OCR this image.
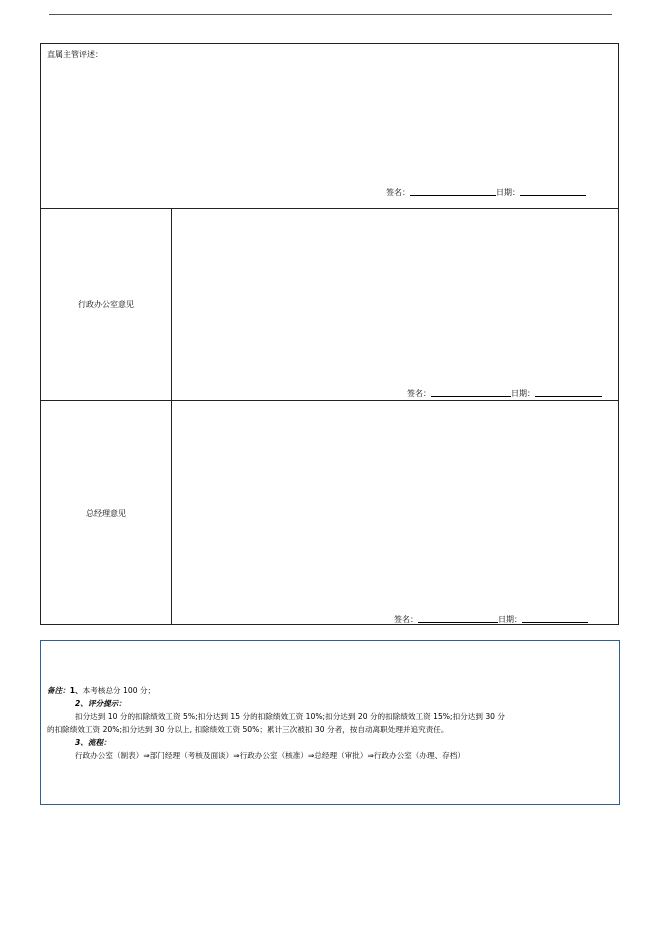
直属主管评述：
签名：	日期：
行政办公室意见
签名：	日期：
总经理意见
签名：	日期：
备注：1、本考核总分 100 分；
2、评分提示：
扣分达到 10 分的扣除绩效工资 5%;扣分达到 15 分的扣除绩效工资 10%;扣分达到 20 分的扣除绩效工资 15%;扣分达到 30 分
的扣除绩效工资 20%;扣分达到 30 分以上, 扣除绩效工资 50%；累计三次被扣 30 分者，按自动离职处理并追究责任。
3、流程：
行政办公室（制表）⇒部门经理（考核及面谈）⇒行政办公室（核准）⇒总经理（审批）⇒行政办公室（办理、存档）
